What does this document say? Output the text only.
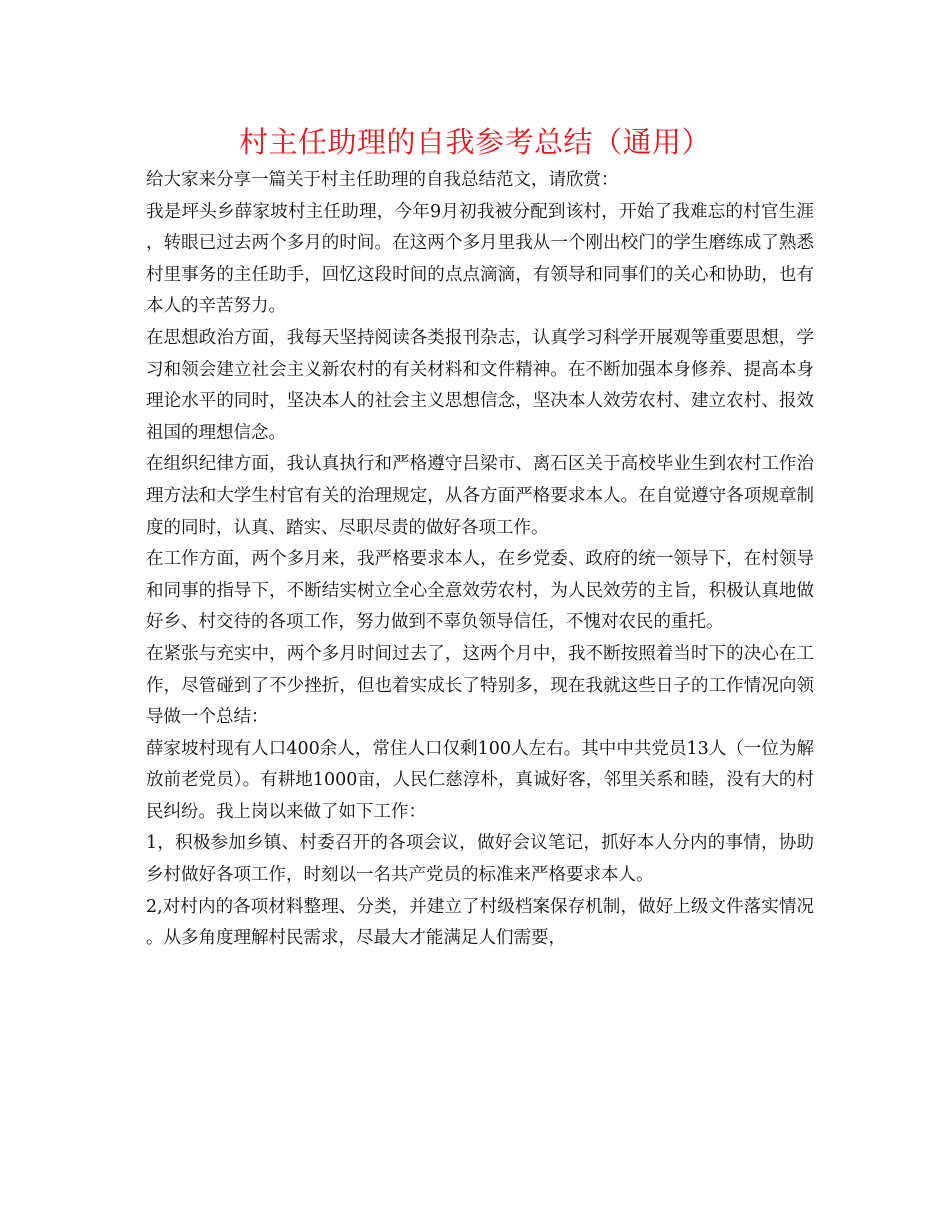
村主任助理的自我参考总结（通用）

给大家来分享一篇关于村主任助理的自我总结范文，请欣赏：

我是坪头乡薛家坡村主任助理，今年9月初我被分配到该村，开始了我难忘的村官生涯，转眼已过去两个多月的时间。在这两个多月里我从一个刚出校门的学生磨练成了熟悉村里事务的主任助手，回忆这段时间的点点滴滴，有领导和同事们的关心和协助，也有本人的辛苦努力。

在思想政治方面，我每天坚持阅读各类报刊杂志，认真学习科学开展观等重要思想，学习和领会建立社会主义新农村的有关材料和文件精神。在不断加强本身修养、提高本身理论水平的同时，坚决本人的社会主义思想信念，坚决本人效劳农村、建立农村、报效祖国的理想信念。

在组织纪律方面，我认真执行和严格遵守吕梁市、离石区关于高校毕业生到农村工作治理方法和大学生村官有关的治理规定，从各方面严格要求本人。在自觉遵守各项规章制度的同时，认真、踏实、尽职尽责的做好各项工作。

在工作方面，两个多月来，我严格要求本人，在乡党委、政府的统一领导下，在村领导和同事的指导下，不断结实树立全心全意效劳农村，为人民效劳的主旨，积极认真地做好乡、村交待的各项工作，努力做到不辜负领导信任，不愧对农民的重托。

在紧张与充实中，两个多月时间过去了，这两个月中，我不断按照着当时下的决心在工作，尽管碰到了不少挫折，但也着实成长了特别多，现在我就这些日子的工作情况向领导做一个总结：

薛家坡村现有人口400余人，常住人口仅剩100人左右。其中中共党员13人（一位为解放前老党员）。有耕地1000亩，人民仁慈淳朴，真诚好客，邻里关系和睦，没有大的村民纠纷。我上岗以来做了如下工作：

1，积极参加乡镇、村委召开的各项会议，做好会议笔记，抓好本人分内的事情，协助乡村做好各项工作，时刻以一名共产党员的标准来严格要求本人。

2,对村内的各项材料整理、分类，并建立了村级档案保存机制，做好上级文件落实情况。从多角度理解村民需求，尽最大才能满足人们需要，
